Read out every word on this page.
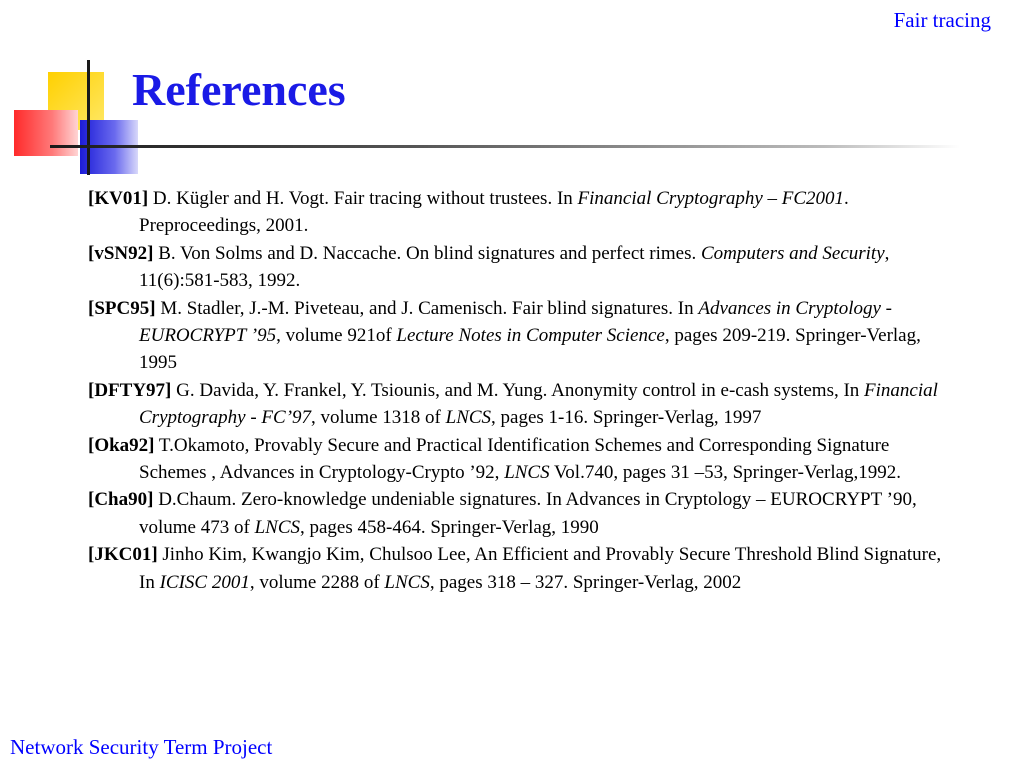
Fair tracing
References

[KV01] D. Kügler and H. Vogt. Fair tracing without trustees. In Financial Cryptography – FC2001. Preproceedings, 2001.

[vSN92] B. Von Solms and D. Naccache. On blind signatures and perfect rimes. Computers and Security, 11(6):581-583, 1992.

[SPC95] M. Stadler, J.-M. Piveteau, and J. Camenisch. Fair blind signatures. In Advances in Cryptology - EUROCRYPT ’95, volume 921of Lecture Notes in Computer Science, pages 209-219. Springer-Verlag, 1995

[DFTY97] G. Davida, Y. Frankel, Y. Tsiounis, and M. Yung. Anonymity control in e-cash systems, In Financial Cryptography - FC’97, volume 1318 of LNCS, pages 1-16. Springer-Verlag, 1997

[Oka92] T.Okamoto, Provably Secure and Practical Identification Schemes and Corresponding Signature Schemes , Advances in Cryptology-Crypto ’92, LNCS Vol.740, pages 31 –53, Springer-Verlag,1992.

[Cha90] D.Chaum. Zero-knowledge undeniable signatures. In Advances in Cryptology – EUROCRYPT ’90, volume 473 of LNCS, pages 458-464. Springer-Verlag, 1990

[JKC01] Jinho Kim, Kwangjo Kim, Chulsoo Lee, An Efficient and Provably Secure Threshold Blind Signature, In ICISC 2001, volume 2288 of LNCS, pages 318 – 327. Springer-Verlag, 2002

Network Security Term Project
